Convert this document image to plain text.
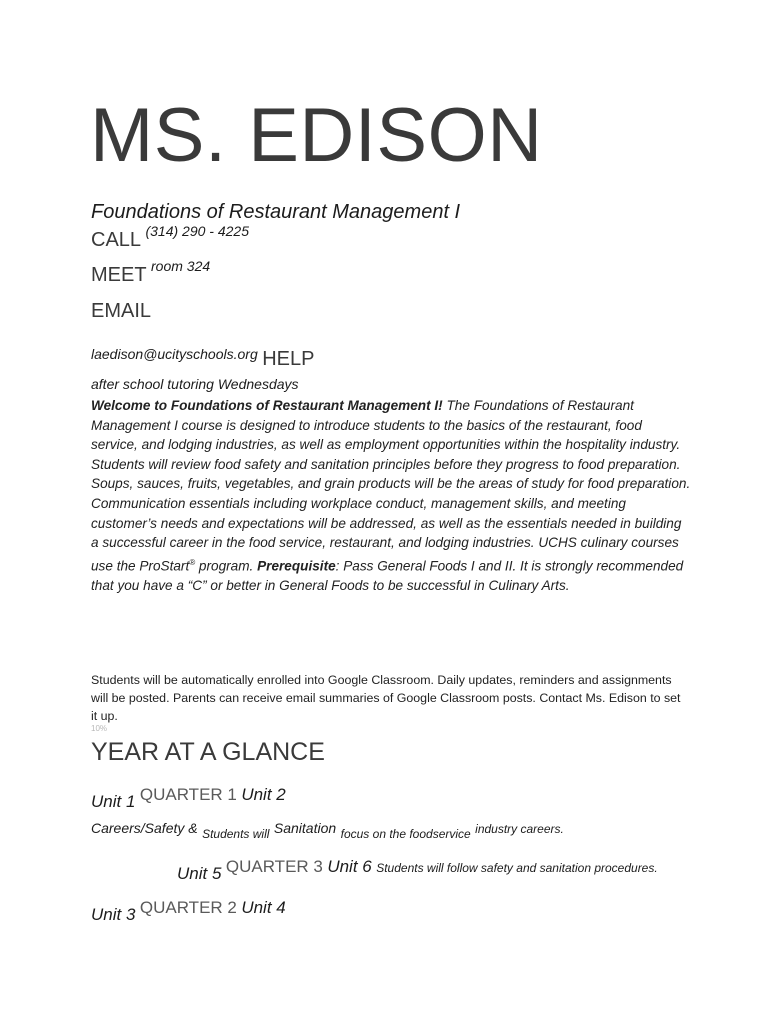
MS. EDISON
Foundations of Restaurant Management I
CALL (314) 290 - 4225
MEET room 324
EMAIL
laedison@ucityschools.org HELP
after school tutoring Wednesdays
Welcome to Foundations of Restaurant Management I! The Foundations of Restaurant Management I course is designed to introduce students to the basics of the restaurant, food service, and lodging industries, as well as employment opportunities within the hospitality industry. Students will review food safety and sanitation principles before they progress to food preparation. Soups, sauces, fruits, vegetables, and grain products will be the areas of study for food preparation. Communication essentials including workplace conduct, management skills, and meeting customer’s needs and expectations will be addressed, as well as the essentials needed in building a successful career in the food service, restaurant, and lodging industries. UCHS culinary courses use the ProStart® program. Prerequisite: Pass General Foods I and II. It is strongly recommended that you have a “C” or better in General Foods to be successful in Culinary Arts.
Students will be automatically enrolled into Google Classroom. Daily updates, reminders and assignments will be posted. Parents can receive email summaries of Google Classroom posts. Contact Ms. Edison to set it up.
10%
YEAR AT A GLANCE
Unit 1 QUARTER 1 Unit 2
Careers/Safety & $_{Students will}$ Sanitation $_{focus on the foodservice}$ industry careers.
Unit 5 QUARTER 3 Unit 6 Students will follow safety and sanitation procedures.
Unit 3 QUARTER 2 Unit 4
